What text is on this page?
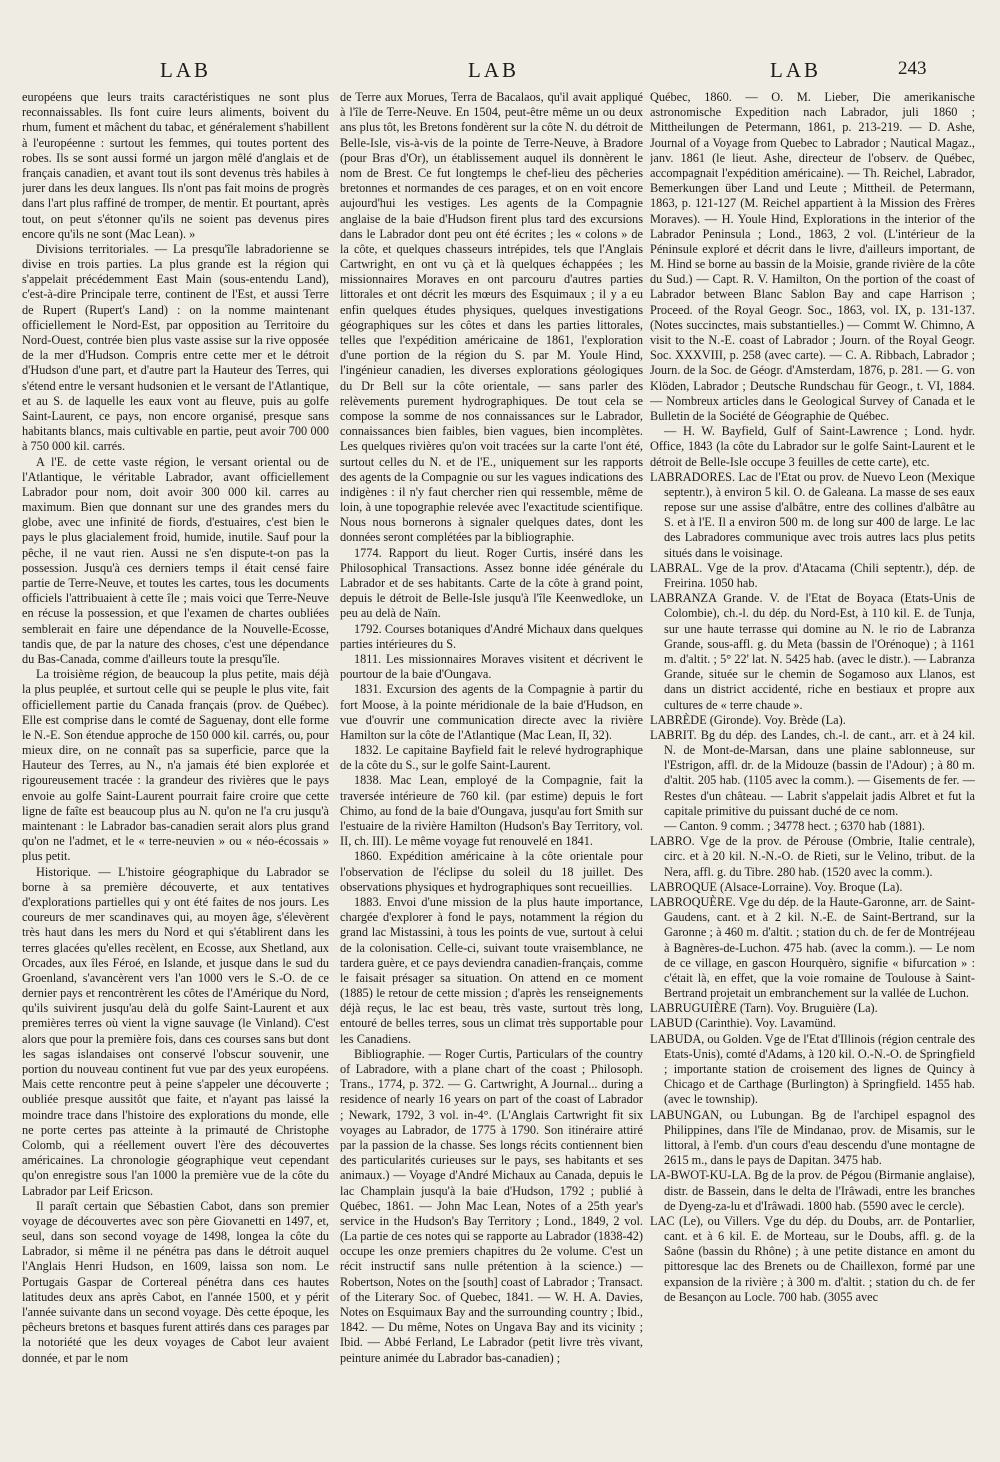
LAB	LAB	LAB	243

européens que leurs traits caractéristiques ne sont plus reconnaissables. Ils font cuire leurs aliments, boivent du rhum, fument et mâchent du tabac, et généralement s'habillent à l'européenne : surtout les femmes, qui toutes portent des robes. Ils se sont aussi formé un jargon mêlé d'anglais et de français canadien, et avant tout ils sont devenus très habiles à jurer dans les deux langues. Ils n'ont pas fait moins de progrès dans l'art plus raffiné de tromper, de mentir. Et pourtant, après tout, on peut s'étonner qu'ils ne soient pas devenus pires encore qu'ils ne sont (Mac Lean). »

Divisions territoriales. — La presqu'île labradorienne se divise en trois parties. La plus grande est la région qui s'appelait précédemment East Main (sous-entendu Land), c'est-à-dire Principale terre, continent de l'Est, et aussi Terre de Rupert (Rupert's Land) : on la nomme maintenant officiellement le Nord-Est, par opposition au Territoire du Nord-Ouest, contrée bien plus vaste assise sur la rive opposée de la mer d'Hudson. Compris entre cette mer et le détroit d'Hudson d'une part, et d'autre part la Hauteur des Terres, qui s'étend entre le versant hudsonien et le versant de l'Atlantique, et au S. de laquelle les eaux vont au fleuve, puis au golfe Saint-Laurent, ce pays, non encore organisé, presque sans habitants blancs, mais cultivable en partie, peut avoir 700 000 à 750 000 kil. carrés.

A l'E. de cette vaste région, le versant oriental ou de l'Atlantique, le véritable Labrador, avant officiellement Labrador pour nom, doit avoir 300 000 kil. carres au maximum. Bien que donnant sur une des grandes mers du globe, avec une infinité de fiords, d'estuaires, c'est bien le pays le plus glacialement froid, humide, inutile. Sauf pour la pêche, il ne vaut rien. Aussi ne s'en dispute-t-on pas la possession. Jusqu'à ces derniers temps il était censé faire partie de Terre-Neuve, et toutes les cartes, tous les documents officiels l'attribuaient à cette île ; mais voici que Terre-Neuve en récuse la possession, et que l'examen de chartes oubliées semblerait en faire une dépendance de la Nouvelle-Ecosse, tandis que, de par la nature des choses, c'est une dépendance du Bas-Canada, comme d'ailleurs toute la presqu'île.

La troisième région, de beaucoup la plus petite, mais déjà la plus peuplée, et surtout celle qui se peuple le plus vite, fait officiellement partie du Canada français (prov. de Québec). Elle est comprise dans le comté de Saguenay, dont elle forme le N.-E. Son étendue approche de 150 000 kil. carrés, ou, pour mieux dire, on ne connaît pas sa superficie, parce que la Hauteur des Terres, au N., n'a jamais été bien explorée et rigoureusement tracée : la grandeur des rivières que le pays envoie au golfe Saint-Laurent pourrait faire croire que cette ligne de faîte est beaucoup plus au N. qu'on ne l'a cru jusqu'à maintenant : le Labrador bas-canadien serait alors plus grand qu'on ne l'admet, et le « terre-neuvien » ou « néo-écossais » plus petit.

Historique. — L'histoire géographique du Labrador se borne à sa première découverte, et aux tentatives d'explorations partielles qui y ont été faites de nos jours. Les coureurs de mer scandinaves qui, au moyen âge, s'élevèrent très haut dans les mers du Nord et qui s'établirent dans les terres glacées qu'elles recèlent, en Ecosse, aux Shetland, aux Orcades, aux îles Féroé, en Islande, et jusque dans le sud du Groenland, s'avancèrent vers l'an 1000 vers le S.-O. de ce dernier pays et rencontrèrent les côtes de l'Amérique du Nord, qu'ils suivirent jusqu'au delà du golfe Saint-Laurent et aux premières terres où vient la vigne sauvage (le Vinland). C'est alors que pour la première fois, dans ces courses sans but dont les sagas islandaises ont conservé l'obscur souvenir, une portion du nouveau continent fut vue par des yeux européens. Mais cette rencontre peut à peine s'appeler une découverte ; oubliée presque aussitôt que faite, et n'ayant pas laissé la moindre trace dans l'histoire des explorations du monde, elle ne porte certes pas atteinte à la primauté de Christophe Colomb, qui a réellement ouvert l'ère des découvertes américaines. La chronologie géographique veut cependant qu'on enregistre sous l'an 1000 la première vue de la côte du Labrador par Leif Ericson.

Il paraît certain que Sébastien Cabot, dans son premier voyage de découvertes avec son père Giovanetti en 1497, et, seul, dans son second voyage de 1498, longea la côte du Labrador, si même il ne pénétra pas dans le détroit auquel l'Anglais Henri Hudson, en 1609, laissa son nom. Le Portugais Gaspar de Cortereal pénétra dans ces hautes latitudes deux ans après Cabot, en l'année 1500, et y périt l'année suivante dans un second voyage. Dès cette époque, les pêcheurs bretons et basques furent attirés dans ces parages par la notoriété que les deux voyages de Cabot leur avaient donnée, et par le nom

de Terre aux Morues, Terra de Bacalaos, qu'il avait appliqué à l'île de Terre-Neuve. En 1504, peut-être même un ou deux ans plus tôt, les Bretons fondèrent sur la côte N. du détroit de Belle-Isle, vis-à-vis de la pointe de Terre-Neuve, à Bradore (pour Bras d'Or), un établissement auquel ils donnèrent le nom de Brest. Ce fut longtemps le chef-lieu des pêcheries bretonnes et normandes de ces parages, et on en voit encore aujourd'hui les vestiges. Les agents de la Compagnie anglaise de la baie d'Hudson firent plus tard des excursions dans le Labrador dont peu ont été écrites ; les « colons » de la côte, et quelques chasseurs intrépides, tels que l'Anglais Cartwright, en ont vu çà et là quelques échappées ; les missionnaires Moraves en ont parcouru d'autres parties littorales et ont décrit les mœurs des Esquimaux ; il y a eu enfin quelques études physiques, quelques investigations géographiques sur les côtes et dans les parties littorales, telles que l'expédition américaine de 1861, l'exploration d'une portion de la région du S. par M. Youle Hind, l'ingénieur canadien, les diverses explorations géologiques du Dr Bell sur la côte orientale, — sans parler des relèvements purement hydrographiques. De tout cela se compose la somme de nos connaissances sur le Labrador, connaissances bien faibles, bien vagues, bien incomplètes. Les quelques rivières qu'on voit tracées sur la carte l'ont été, surtout celles du N. et de l'E., uniquement sur les rapports des agents de la Compagnie ou sur les vagues indications des indigènes : il n'y faut chercher rien qui ressemble, même de loin, à une topographie relevée avec l'exactitude scientifique. Nous nous bornerons à signaler quelques dates, dont les données seront complétées par la bibliographie.

1774. Rapport du lieut. Roger Curtis, inséré dans les Philosophical Transactions. Assez bonne idée générale du Labrador et de ses habitants. Carte de la côte à grand point, depuis le détroit de Belle-Isle jusqu'à l'île Keenwedloke, un peu au delà de Naïn.

1792. Courses botaniques d'André Michaux dans quelques parties intérieures du S.

1811. Les missionnaires Moraves visitent et décrivent le pourtour de la baie d'Oungava.

1831. Excursion des agents de la Compagnie à partir du fort Moose, à la pointe méridionale de la baie d'Hudson, en vue d'ouvrir une communication directe avec la rivière Hamilton sur la côte de l'Atlantique (Mac Lean, II, 32).

1832. Le capitaine Bayfield fait le relevé hydrographique de la côte du S., sur le golfe Saint-Laurent.

1838. Mac Lean, employé de la Compagnie, fait la traversée intérieure de 760 kil. (par estime) depuis le fort Chimo, au fond de la baie d'Oungava, jusqu'au fort Smith sur l'estuaire de la rivière Hamilton (Hudson's Bay Territory, vol. II, ch. III). Le même voyage fut renouvelé en 1841.

1860. Expédition américaine à la côte orientale pour l'observation de l'éclipse du soleil du 18 juillet. Des observations physiques et hydrographiques sont recueillies.

1883. Envoi d'une mission de la plus haute importance, chargée d'explorer à fond le pays, notamment la région du grand lac Mistassini, à tous les points de vue, surtout à celui de la colonisation. Celle-ci, suivant toute vraisemblance, ne tardera guère, et ce pays deviendra canadien-français, comme le faisait présager sa situation. On attend en ce moment (1885) le retour de cette mission ; d'après les renseignements déjà reçus, le lac est beau, très vaste, surtout très long, entouré de belles terres, sous un climat très supportable pour les Canadiens.

Bibliographie. — Roger Curtis, Particulars of the country of Labradore, with a plane chart of the coast ; Philosoph. Trans., 1774, p. 372. — G. Cartwright, A Journal... during a residence of nearly 16 years on part of the coast of Labrador ; Newark, 1792, 3 vol. in-4°. (L'Anglais Cartwright fit six voyages au Labrador, de 1775 à 1790. Son itinéraire attiré par la passion de la chasse. Ses longs récits contiennent bien des particularités curieuses sur le pays, ses habitants et ses animaux.) — Voyage d'André Michaux au Canada, depuis le lac Champlain jusqu'à la baie d'Hudson, 1792 ; publié à Québec, 1861. — John Mac Lean, Notes of a 25th year's service in the Hudson's Bay Territory ; Lond., 1849, 2 vol. (La partie de ces notes qui se rapporte au Labrador (1838-42) occupe les onze premiers chapitres du 2e volume. C'est un récit instructif sans nulle prétention à la science.) — Robertson, Notes on the [south] coast of Labrador ; Transact. of the Literary Soc. of Quebec, 1841. — W. H. A. Davies, Notes on Esquimaux Bay and the surrounding country ; Ibid., 1842. — Du même, Notes on Ungava Bay and its vicinity ; Ibid. — Abbé Ferland, Le Labrador (petit livre très vivant, peinture animée du Labrador bas-canadien) ;

Québec, 1860. — O. M. Lieber, Die amerikanische astronomische Expedition nach Labrador, juli 1860 ; Mittheilungen de Petermann, 1861, p. 213-219. — D. Ashe, Journal of a Voyage from Quebec to Labrador ; Nautical Magaz., janv. 1861 (le lieut. Ashe, directeur de l'observ. de Québec, accompagnait l'expédition américaine). — Th. Reichel, Labrador, Bemerkungen über Land und Leute ; Mittheil. de Petermann, 1863, p. 121-127 (M. Reichel appartient à la Mission des Frères Moraves). — H. Youle Hind, Explorations in the interior of the Labrador Peninsula ; Lond., 1863, 2 vol. (L'intérieur de la Péninsule exploré et décrit dans le livre, d'ailleurs important, de M. Hind se borne au bassin de la Moisie, grande rivière de la côte du Sud.) — Capt. R. V. Hamilton, On the portion of the coast of Labrador between Blanc Sablon Bay and cape Harrison ; Proceed. of the Royal Geogr. Soc., 1863, vol. IX, p. 131-137. (Notes succinctes, mais substantielles.) — Commt W. Chimno, A visit to the N.-E. coast of Labrador ; Journ. of the Royal Geogr. Soc. XXXVIII, p. 258 (avec carte). — C. A. Ribbach, Labrador ; Journ. de la Soc. de Géogr. d'Amsterdam, 1876, p. 281. — G. von Klöden, Labrador ; Deutsche Rundschau für Geogr., t. VI, 1884. — Nombreux articles dans le Geological Survey of Canada et le Bulletin de la Société de Géographie de Québec.

— H. W. Bayfield, Gulf of Saint-Lawrence ; Lond. hydr. Office, 1843 (la côte du Labrador sur le golfe Saint-Laurent et le détroit de Belle-Isle occupe 3 feuilles de cette carte), etc.

LABRADORES. Lac de l'Etat ou prov. de Nuevo Leon (Mexique septentr.), à environ 5 kil. O. de Galeana. La masse de ses eaux repose sur une assise d'albâtre, entre des collines d'albâtre au S. et à l'E. Il a environ 500 m. de long sur 400 de large. Le lac des Labradores communique avec trois autres lacs plus petits situés dans le voisinage.

LABRAL. Vge de la prov. d'Atacama (Chili septentr.), dép. de Freirina. 1050 hab.

LABRANZA Grande. V. de l'Etat de Boyaca (Etats-Unis de Colombie), ch.-l. du dép. du Nord-Est, à 110 kil. E. de Tunja, sur une haute terrasse qui domine au N. le rio de Labranza Grande, sous-affl. g. du Meta (bassin de l'Orénoque) ; à 1161 m. d'altit. ; 5° 22' lat. N. 5425 hab. (avec le distr.). — Labranza Grande, située sur le chemin de Sogamoso aux Llanos, est dans un district accidenté, riche en bestiaux et propre aux cultures de « terre chaude ».

LABRÈDE (Gironde). Voy. Brède (La).

LABRIT. Bg du dép. des Landes, ch.-l. de cant., arr. et à 24 kil. N. de Mont-de-Marsan, dans une plaine sablonneuse, sur l'Estrigon, affl. dr. de la Midouze (bassin de l'Adour) ; à 80 m. d'altit. 205 hab. (1105 avec la comm.). — Gisements de fer. — Restes d'un château. — Labrit s'appelait jadis Albret et fut la capitale primitive du puissant duché de ce nom.

— Canton. 9 comm. ; 34778 hect. ; 6370 hab (1881).

LABRO. Vge de la prov. de Pérouse (Ombrie, Italie centrale), circ. et à 20 kil. N.-N.-O. de Rieti, sur le Velino, tribut. de la Nera, affl. g. du Tibre. 280 hab. (1520 avec la comm.).

LABROQUE (Alsace-Lorraine). Voy. Broque (La).

LABROQUÈRE. Vge du dép. de la Haute-Garonne, arr. de Saint-Gaudens, cant. et à 2 kil. N.-E. de Saint-Bertrand, sur la Garonne ; à 460 m. d'altit. ; station du ch. de fer de Montréjeau à Bagnères-de-Luchon. 475 hab. (avec la comm.). — Le nom de ce village, en gascon Hourquèro, signifie « bifurcation » : c'était là, en effet, que la voie romaine de Toulouse à Saint-Bertrand projetait un embranchement sur la vallée de Luchon.

LABRUGUIÈRE (Tarn). Voy. Bruguière (La).

LABUD (Carinthie). Voy. Lavamünd.

LABUDA, ou Golden. Vge de l'Etat d'Illinois (région centrale des Etats-Unis), comté d'Adams, à 120 kil. O.-N.-O. de Springfield ; importante station de croisement des lignes de Quincy à Chicago et de Carthage (Burlington) à Springfield. 1455 hab. (avec le township).

LABUNGAN, ou Lubungan. Bg de l'archipel espagnol des Philippines, dans l'île de Mindanao, prov. de Misamis, sur le littoral, à l'emb. d'un cours d'eau descendu d'une montagne de 2615 m., dans le pays de Dapitan. 3475 hab.

LA-BWOT-KU-LA. Bg de la prov. de Pégou (Birmanie anglaise), distr. de Bassein, dans le delta de l'Irâwadi, entre les branches de Dyeng-za-lu et d'Irâwadi. 1800 hab. (5590 avec le cercle).

LAC (Le), ou Villers. Vge du dép. du Doubs, arr. de Pontarlier, cant. et à 6 kil. E. de Morteau, sur le Doubs, affl. g. de la Saône (bassin du Rhône) ; à une petite distance en amont du pittoresque lac des Brenets ou de Chaillexon, formé par une expansion de la rivière ; à 300 m. d'altit. ; station du ch. de fer de Besançon au Locle. 700 hab. (3055 avec
